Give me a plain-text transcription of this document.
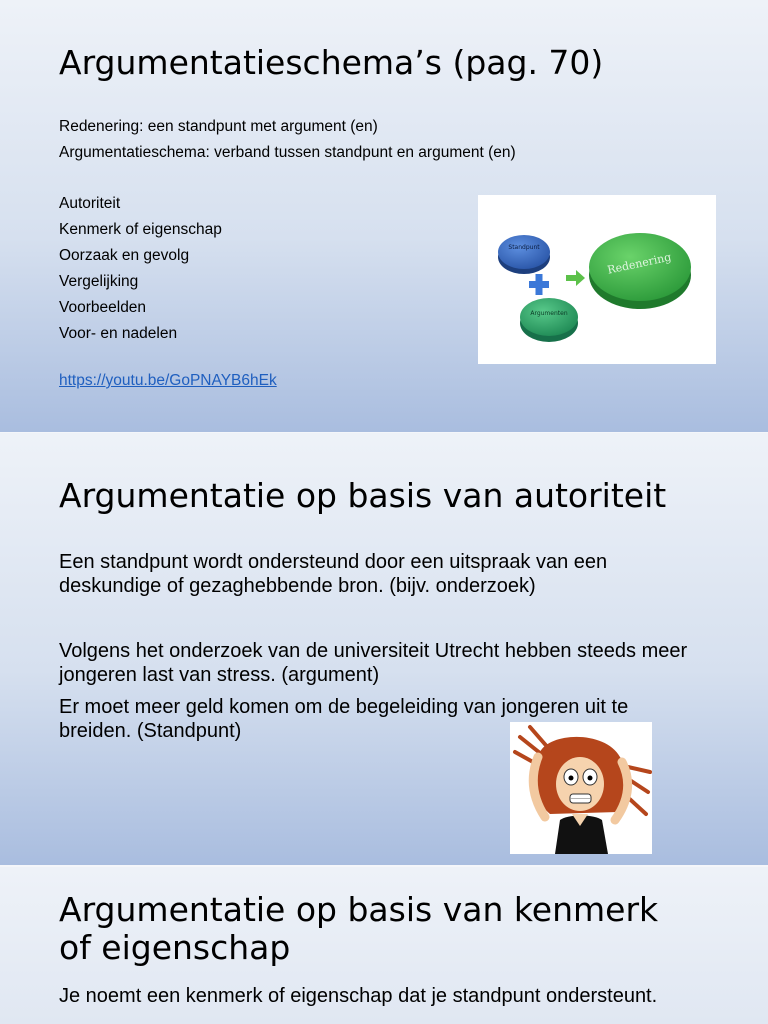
Argumentatieschema’s (pag. 70)
Redenering: een standpunt met argument (en)
Argumentatieschema: verband tussen standpunt en argument (en)
Autoriteit
Kenmerk of eigenschap
Oorzaak en gevolg
Vergelijking
Voorbeelden
Voor- en nadelen
https://youtu.be/GoPNAYB6hEk
Standpunt
Argumenten
Redenering
Argumentatie op basis van autoriteit
Een standpunt wordt ondersteund door een uitspraak van een
deskundige of gezaghebbende bron. (bijv. onderzoek)
Volgens het onderzoek van de universiteit Utrecht hebben steeds meer
jongeren last van stress. (argument)
Er moet meer geld komen om de begeleiding van jongeren uit te
breiden. (Standpunt)
Argumentatie op basis van kenmerk
of eigenschap
Je noemt een kenmerk of eigenschap dat je standpunt ondersteunt.
